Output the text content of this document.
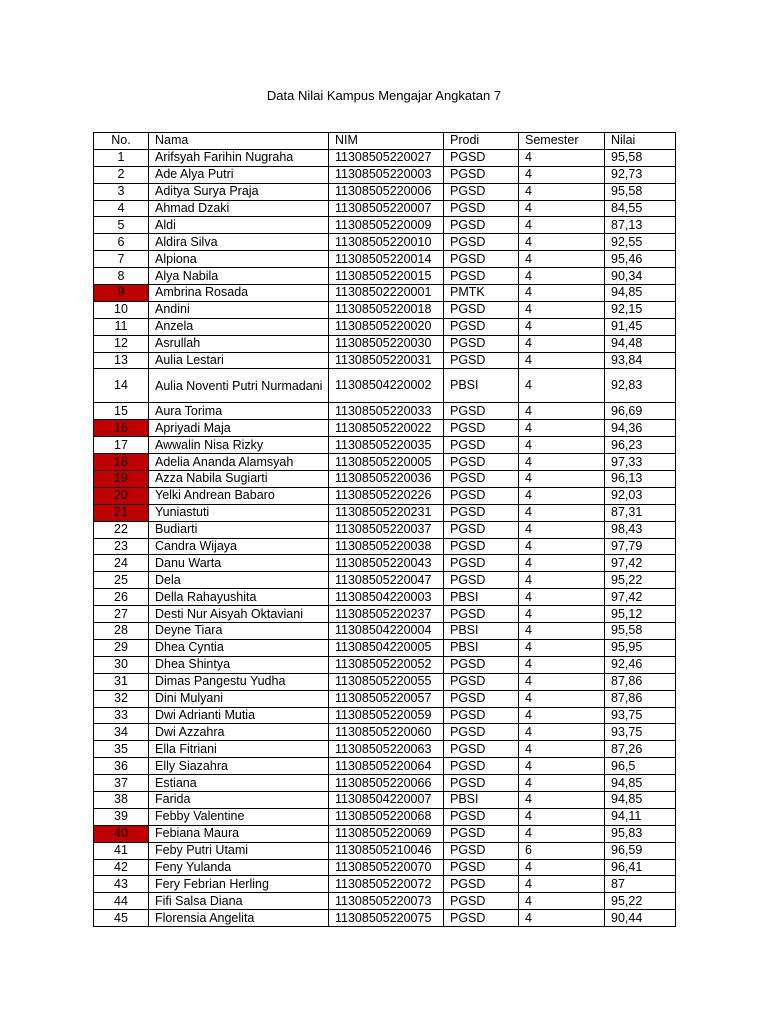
Data Nilai Kampus Mengajar Angkatan 7
No.	Nama	NIM	Prodi	Semester	Nilai
1	Arifsyah Farihin Nugraha	11308505220027	PGSD	4	95,58
2	Ade Alya Putri	11308505220003	PGSD	4	92,73
3	Aditya Surya Praja	11308505220006	PGSD	4	95,58
4	Ahmad Dzaki	11308505220007	PGSD	4	84,55
5	Aldi	11308505220009	PGSD	4	87,13
6	Aldira Silva	11308505220010	PGSD	4	92,55
7	Alpiona	11308505220014	PGSD	4	95,46
8	Alya Nabila	11308505220015	PGSD	4	90,34
9	Ambrina Rosada	11308502220001	PMTK	4	94,85
10	Andini	11308505220018	PGSD	4	92,15
11	Anzela	11308505220020	PGSD	4	91,45
12	Asrullah	11308505220030	PGSD	4	94,48
13	Aulia Lestari	11308505220031	PGSD	4	93,84
14	Aulia Noventi Putri Nurmadani	11308504220002	PBSI	4	92,83
15	Aura Torima	11308505220033	PGSD	4	96,69
16	Apriyadi Maja	11308505220022	PGSD	4	94,36
17	Awwalin Nisa Rizky	11308505220035	PGSD	4	96,23
18	Adelia Ananda Alamsyah	11308505220005	PGSD	4	97,33
19	Azza Nabila Sugiarti	11308505220036	PGSD	4	96,13
20	Yelki Andrean Babaro	11308505220226	PGSD	4	92,03
21	Yuniastuti	11308505220231	PGSD	4	87,31
22	Budiarti	11308505220037	PGSD	4	98,43
23	Candra Wijaya	11308505220038	PGSD	4	97,79
24	Danu Warta	11308505220043	PGSD	4	97,42
25	Dela	11308505220047	PGSD	4	95,22
26	Della Rahayushita	11308504220003	PBSI	4	97,42
27	Desti Nur Aisyah Oktaviani	11308505220237	PGSD	4	95,12
28	Deyne Tiara	11308504220004	PBSI	4	95,58
29	Dhea Cyntia	11308504220005	PBSI	4	95,95
30	Dhea Shintya	11308505220052	PGSD	4	92,46
31	Dimas Pangestu Yudha	11308505220055	PGSD	4	87,86
32	Dini Mulyani	11308505220057	PGSD	4	87,86
33	Dwi Adrianti Mutia	11308505220059	PGSD	4	93,75
34	Dwi Azzahra	11308505220060	PGSD	4	93,75
35	Ella Fitriani	11308505220063	PGSD	4	87,26
36	Elly Siazahra	11308505220064	PGSD	4	96,5
37	Estiana	11308505220066	PGSD	4	94,85
38	Farida	11308504220007	PBSI	4	94,85
39	Febby Valentine	11308505220068	PGSD	4	94,11
40	Febiana Maura	11308505220069	PGSD	4	95,83
41	Feby Putri Utami	11308505210046	PGSD	6	96,59
42	Feny Yulanda	11308505220070	PGSD	4	96,41
43	Fery Febrian Herling	11308505220072	PGSD	4	87
44	Fifi Salsa Diana	11308505220073	PGSD	4	95,22
45	Florensia Angelita	11308505220075	PGSD	4	90,44
